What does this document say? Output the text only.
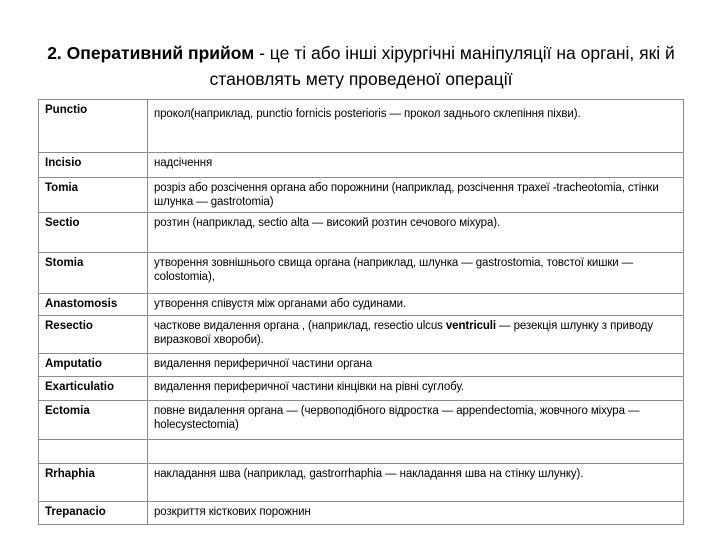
2. Оперативний прийом - це ті або інші хірургічні маніпуляції на органі, які й становлять мету проведеної операції
Punctio	прокол(наприклад, punctio fornicis posterioris — прокол заднього склепіння піхви).

Incisio	надсічення
Tomia	розріз або розсічення органа або порожнини (наприклад, розсічення трахеї -tracheotomia, стінки шлунка — gastrotomia)
Sectio	розтин (наприклад, sectio alta — високий розтин сечового міхура).
Stomia	утворення зовнішнього свища органа (наприклад, шлунка — gastrostomia, товстої кишки — colostomia),
Anastomosis	утворення співустя між органами або судинами.
Resectio	часткове видалення органа , (наприклад, resectio ulcus ventriculi — резекція шлунку з приводу виразкової хвороби).
Amputatio	видалення периферичної частини органа
Exarticulatio	видалення периферичної частини кінцівки на рівні суглобу.
Ectomia	повне видалення органа — (червоподібного відростка — appendectomia, жовчного міхура — holecystectomia)

Rrhaphia	накладання шва (наприклад, gastrorrhaphia — накладання шва на стінку шлунку).
Trepanacio	розкриття кісткових порожнин
